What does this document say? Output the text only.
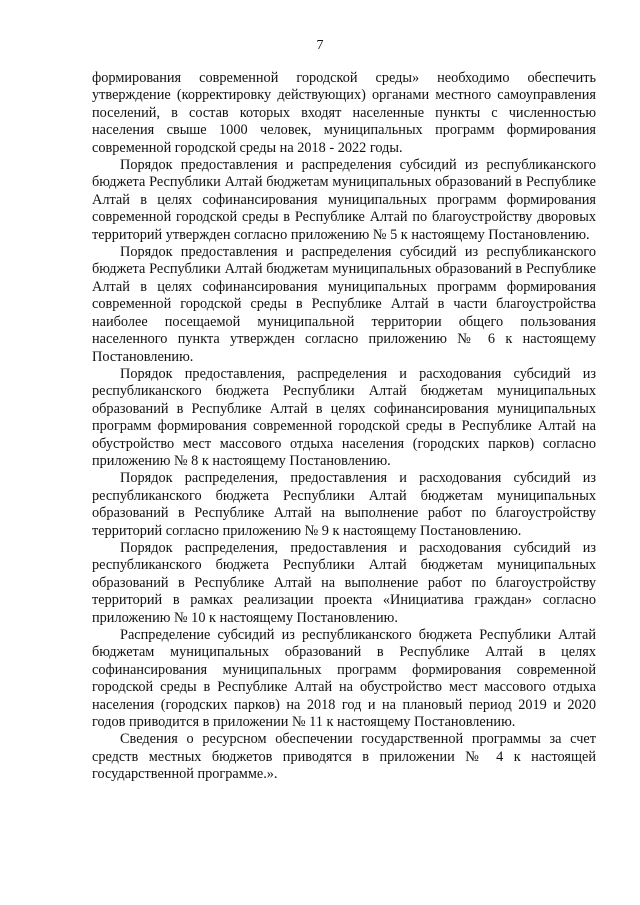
7

формирования современной городской среды» необходимо обеспечить утверждение (корректировку действующих) органами местного самоуправления поселений, в состав которых входят населенные пункты с численностью населения свыше 1000 человек, муниципальных программ формирования современной городской среды на 2018 - 2022 годы.

Порядок предоставления и распределения субсидий из республиканского бюджета Республики Алтай бюджетам муниципальных образований в Республике Алтай в целях софинансирования муниципальных программ формирования современной городской среды в Республике Алтай по благоустройству дворовых территорий утвержден согласно приложению № 5 к настоящему Постановлению.

Порядок предоставления и распределения субсидий из республиканского бюджета Республики Алтай бюджетам муниципальных образований в Республике Алтай в целях софинансирования муниципальных программ формирования современной городской среды в Республике Алтай в части благоустройства наиболее посещаемой муниципальной территории общего пользования населенного пункта утвержден согласно приложению № 6 к настоящему Постановлению.

Порядок предоставления, распределения и расходования субсидий из республиканского бюджета Республики Алтай бюджетам муниципальных образований в Республике Алтай в целях софинансирования муниципальных программ формирования современной городской среды в Республике Алтай на обустройство мест массового отдыха населения (городских парков) согласно приложению № 8 к настоящему Постановлению.

Порядок распределения, предоставления и расходования субсидий из республиканского бюджета Республики Алтай бюджетам муниципальных образований в Республике Алтай на выполнение работ по благоустройству территорий согласно приложению № 9 к настоящему Постановлению.

Порядок распределения, предоставления и расходования субсидий из республиканского бюджета Республики Алтай бюджетам муниципальных образований в Республике Алтай на выполнение работ по благоустройству территорий в рамках реализации проекта «Инициатива граждан» согласно приложению № 10 к настоящему Постановлению.

Распределение субсидий из республиканского бюджета Республики Алтай бюджетам муниципальных образований в Республике Алтай в целях софинансирования муниципальных программ формирования современной городской среды в Республике Алтай на обустройство мест массового отдыха населения (городских парков) на 2018 год и на плановый период 2019 и 2020 годов приводится в приложении № 11 к настоящему Постановлению.

Сведения о ресурсном обеспечении государственной программы за счет средств местных бюджетов приводятся в приложении № 4 к настоящей государственной программе.».
